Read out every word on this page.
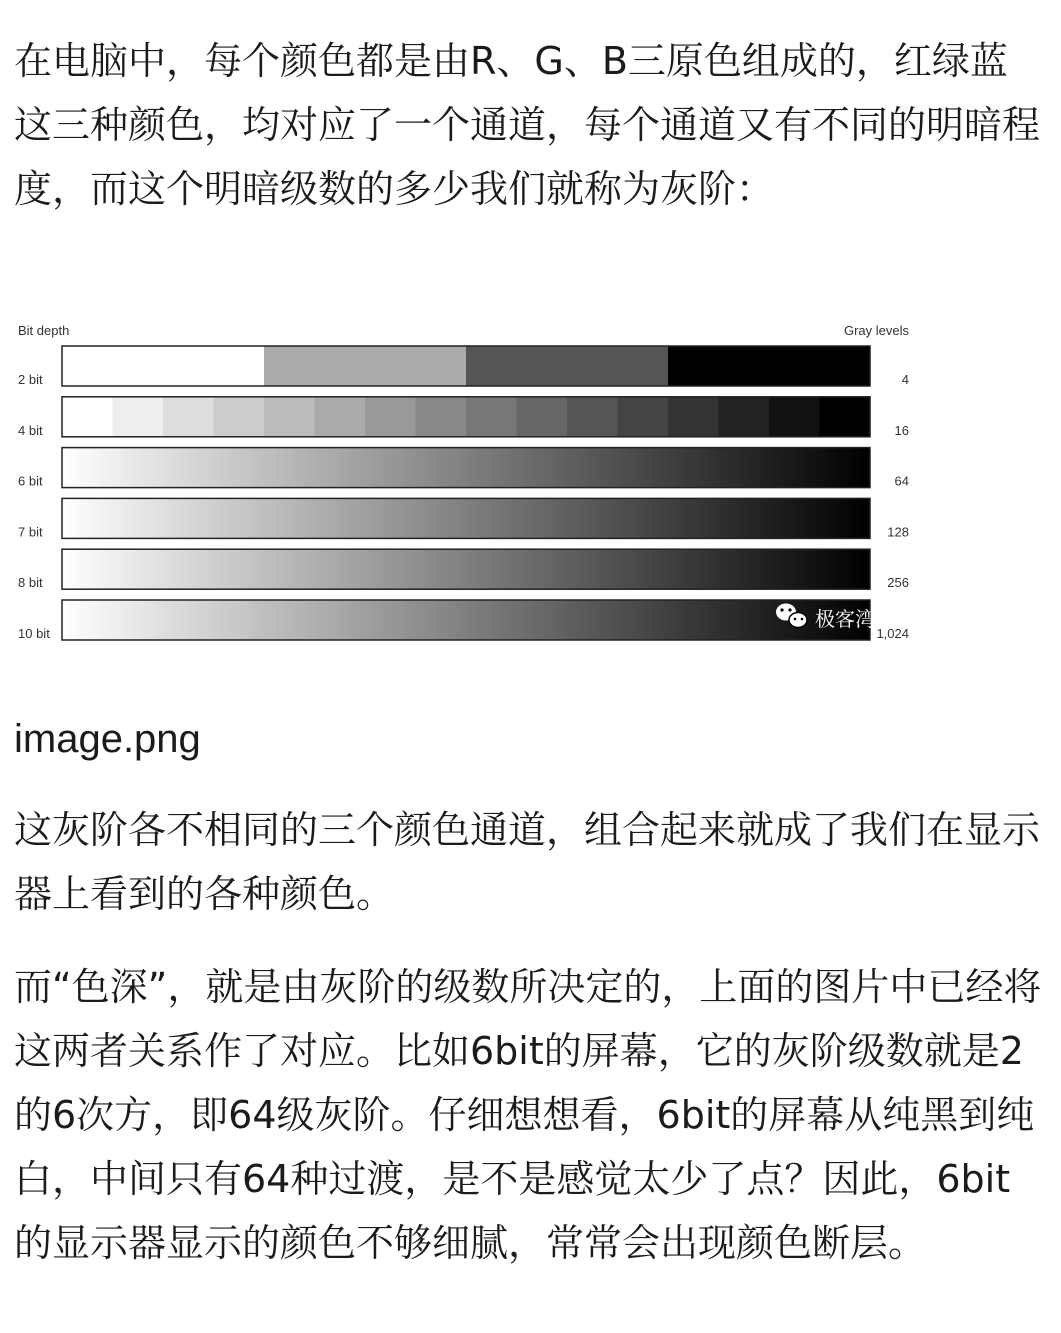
在电脑中，每个颜色都是由R、G、B三原色组成的，红绿蓝这三种颜色，均对应了一个通道，每个通道又有不同的明暗程度，而这个明暗级数的多少我们就称为灰阶：

Bit depth	Gray levels
2 bit	4
4 bit	16
6 bit	64
7 bit	128
8 bit	256
10 bit	1,024
极客湾

image.png

这灰阶各不相同的三个颜色通道，组合起来就成了我们在显示器上看到的各种颜色。

而“色深”，就是由灰阶的级数所决定的，上面的图片中已经将这两者关系作了对应。比如6bit的屏幕，它的灰阶级数就是2的6次方，即64级灰阶。仔细想想看，6bit的屏幕从纯黑到纯白，中间只有64种过渡，是不是感觉太少了点？因此，6bit的显示器显示的颜色不够细腻，常常会出现颜色断层。
